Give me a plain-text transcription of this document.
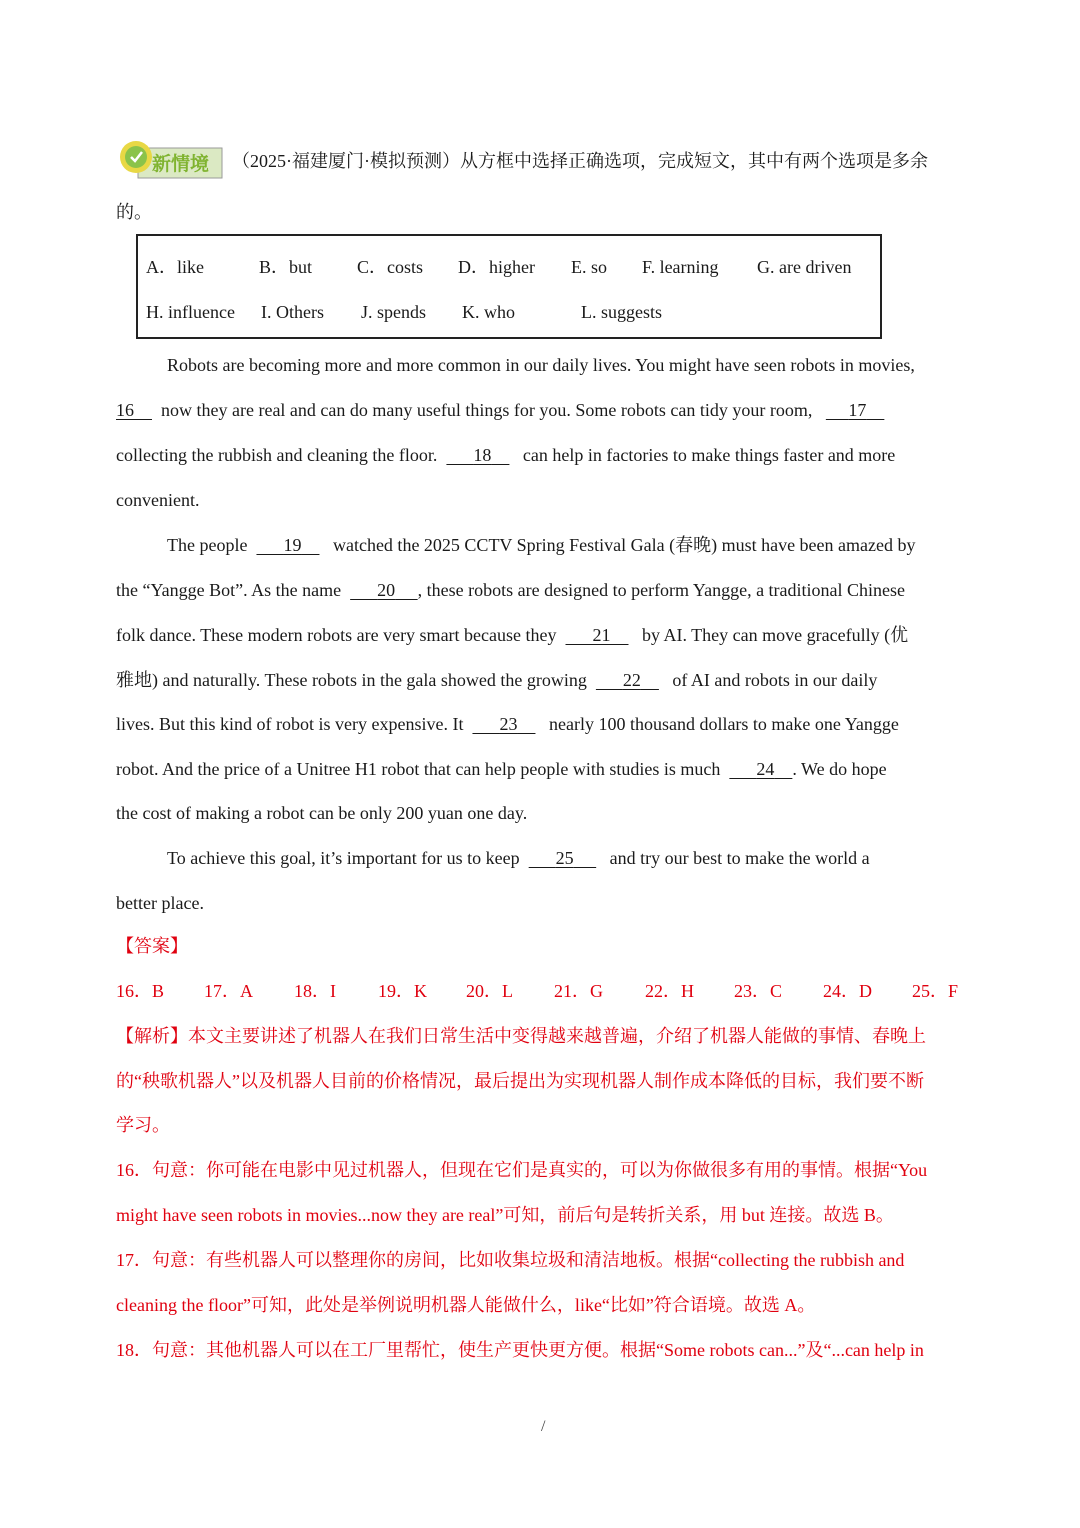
新情境 （2025·福建厦门·模拟预测）从方框中选择正确选项，完成短文，其中有两个选项是多余
的。
A．like	B．but C．costs D．higher E. so F. learning G. are driven
H. influence I. Others J. spends K. who	L. suggests
Robots are becoming more and more common in our daily lives. You might have seen robots in movies,
16 now they are real and can do many useful things for you. Some robots can tidy your room, 17
collecting the rubbish and cleaning the floor. 18 can help in factories to make things faster and more
convenient.
The people 19 watched the 2025 CCTV Spring Festival Gala (春晚) must have been amazed by
the “Yangge Bot”. As the name 20 , these robots are designed to perform Yangge, a traditional Chinese
folk dance. These modern robots are very smart because they 21 by AI. They can move gracefully (优
雅地) and naturally. These robots in the gala showed the growing 22 of AI and robots in our daily
lives. But this kind of robot is very expensive. It 23 nearly 100 thousand dollars to make one Yangge
robot. And the price of a Unitree H1 robot that can help people with studies is much 24 . We do hope
the cost of making a robot can be only 200 yuan one day.
To achieve this goal, it’s important for us to keep 25 and try our best to make the world a
better place.
【答案】
16．B 17．A 18．I 19．K 20．L 21．G 22．H 23．C 24．D 25．F
【解析】本文主要讲述了机器人在我们日常生活中变得越来越普遍，介绍了机器人能做的事情、春晚上
的“秧歌机器人”以及机器人目前的价格情况，最后提出为实现机器人制作成本降低的目标，我们要不断
学习。
16．句意：你可能在电影中见过机器人，但现在它们是真实的，可以为你做很多有用的事情。根据“You
might have seen robots in movies...now they are real”可知，前后句是转折关系，用 but 连接。故选 B。
17．句意：有些机器人可以整理你的房间，比如收集垃圾和清洁地板。根据“collecting the rubbish and
cleaning the floor”可知，此处是举例说明机器人能做什么，like“比如”符合语境。故选 A。
18．句意：其他机器人可以在工厂里帮忙，使生产更快更方便。根据“Some robots can...”及“...can help in
/
